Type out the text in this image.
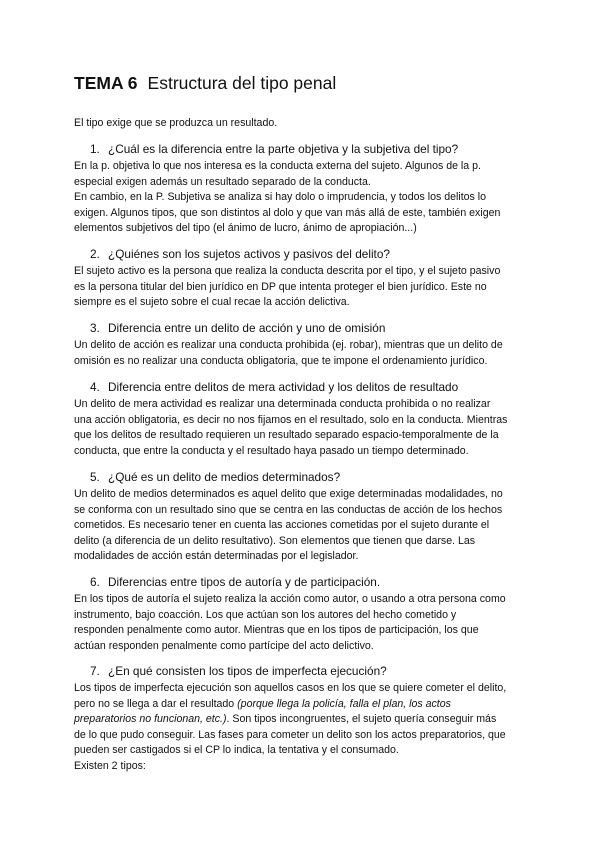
TEMA 6 Estructura del tipo penal
El tipo exige que se produzca un resultado.
1. ¿Cuál es la diferencia entre la parte objetiva y la subjetiva del tipo?

En la p. objetiva lo que nos interesa es la conducta externa del sujeto. Algunos de la p.

especial exigen además un resultado separado de la conducta.

En cambio, en la P. Subjetiva se analiza si hay dolo o imprudencia, y todos los delitos lo

exigen. Algunos tipos, que son distintos al dolo y que van más allá de este, también exigen

elementos subjetivos del tipo (el ánimo de lucro, ánimo de apropiación...)

2. ¿Quiénes son los sujetos activos y pasivos del delito?

El sujeto activo es la persona que realiza la conducta descrita por el tipo, y el sujeto pasivo

es la persona titular del bien jurídico en DP que intenta proteger el bien jurídico. Este no

siempre es el sujeto sobre el cual recae la acción delictiva.

3. Diferencia entre un delito de acción y uno de omisión

Un delito de acción es realizar una conducta prohibida (ej. robar), mientras que un delito de

omisión es no realizar una conducta obligatoria, que te impone el ordenamiento jurídico.

4. Diferencia entre delitos de mera actividad y los delitos de resultado

Un delito de mera actividad es realizar una determinada conducta prohibida o no realizar

una acción obligatoria, es decir no nos fijamos en el resultado, solo en la conducta. Mientras

que los delitos de resultado requieren un resultado separado espacio-temporalmente de la

conducta, que entre la conducta y el resultado haya pasado un tiempo determinado.

5. ¿Qué es un delito de medios determinados?

Un delito de medios determinados es aquel delito que exige determinadas modalidades, no

se conforma con un resultado sino que se centra en las conductas de acción de los hechos

cometidos. Es necesario tener en cuenta las acciones cometidas por el sujeto durante el

delito (a diferencia de un delito resultativo). Son elementos que tienen que darse. Las

modalidades de acción están determinadas por el legislador.

6. Diferencias entre tipos de autoría y de participación.

En los tipos de autoría el sujeto realiza la acción como autor, o usando a otra persona como

instrumento, bajo coacción. Los que actúan son los autores del hecho cometido y

responden penalmente como autor. Mientras que en los tipos de participación, los que

actúan responden penalmente como partícipe del acto delictivo.

7. ¿En qué consisten los tipos de imperfecta ejecución?

Los tipos de imperfecta ejecución son aquellos casos en los que se quiere cometer el delito,

pero no se llega a dar el resultado (porque llega la policía, falla el plan, los actos

preparatorios no funcionan, etc.). Son tipos incongruentes, el sujeto quería conseguir más

de lo que pudo conseguir. Las fases para cometer un delito son los actos preparatorios, que

pueden ser castigados si el CP lo indica, la tentativa y el consumado.

Existen 2 tipos:
